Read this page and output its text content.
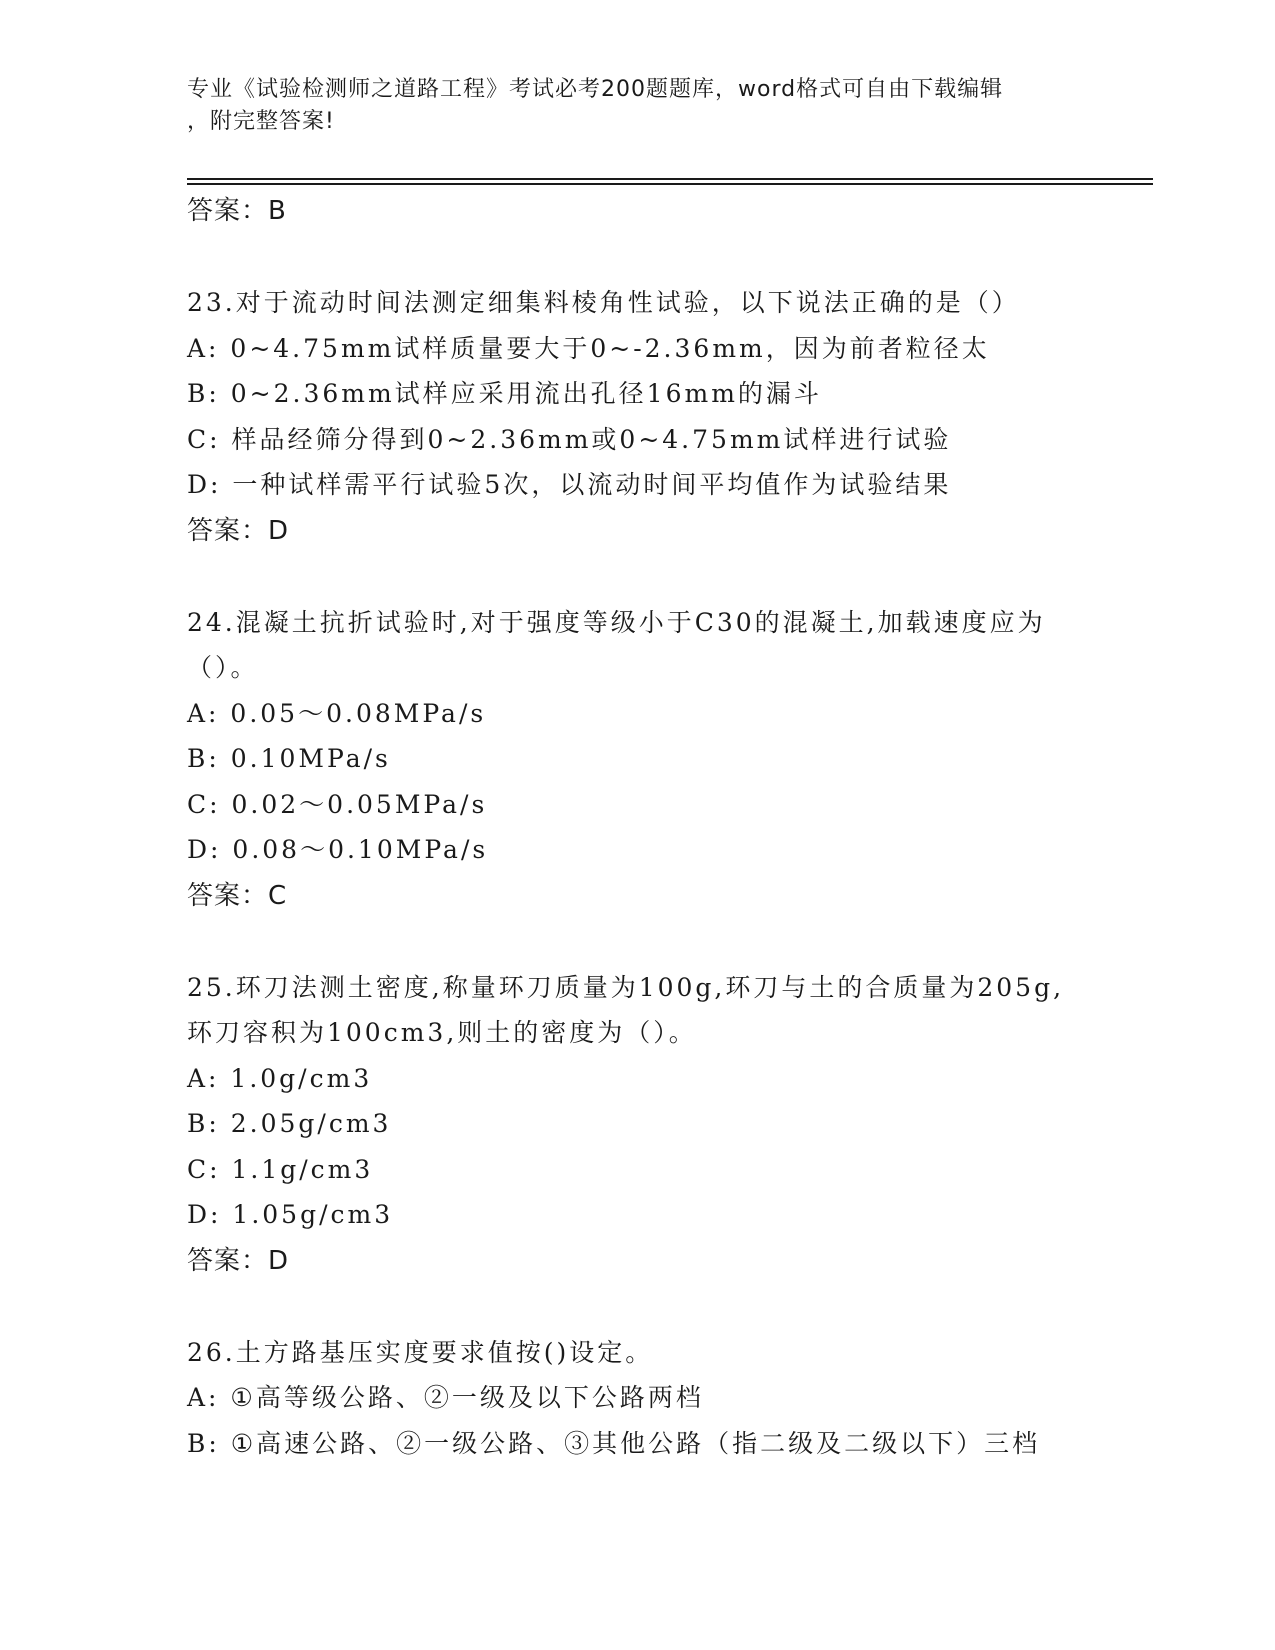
专业《试验检测师之道路工程》考试必考200题题库，word格式可自由下载编辑
，附完整答案!
答案：B
23.对于流动时间法测定细集料棱角性试验，以下说法正确的是（）
A: 0~4.75mm试样质量要大于0~-2.36mm，因为前者粒径太
B: 0~2.36mm试样应采用流出孔径16mm的漏斗
C: 样品经筛分得到0~2.36mm或0~4.75mm试样进行试验
D: 一种试样需平行试验5次，以流动时间平均值作为试验结果
答案：D
24.混凝土抗折试验时,对于强度等级小于C30的混凝土,加载速度应为（）。
A: 0.05～0.08MPa/s
B: 0.10MPa/s
C: 0.02～0.05MPa/s
D: 0.08～0.10MPa/s
答案：C
25.环刀法测土密度,称量环刀质量为100g,环刀与土的合质量为205g,环刀容积为100cm3,则土的密度为（）。
A: 1.0g/cm3
B: 2.05g/cm3
C: 1.1g/cm3
D: 1.05g/cm3
答案：D
26.土方路基压实度要求值按()设定。
A: ①高等级公路、②一级及以下公路两档
B: ①高速公路、②一级公路、③其他公路（指二级及二级以下）三档
